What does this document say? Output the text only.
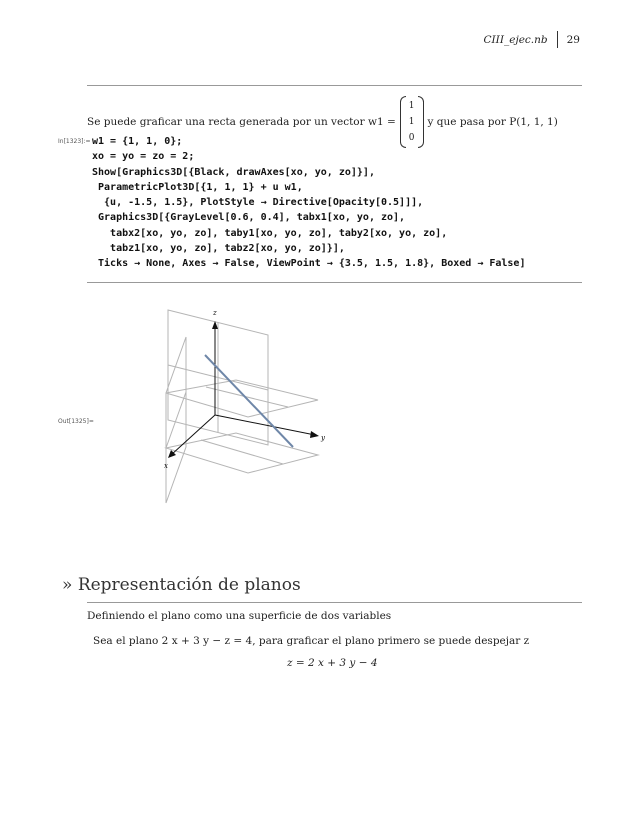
CIII_ejec.nb 29
Se puede graficar una recta generada por un vector w1 =
1
1
0
y que pasa por P(1, 1, 1)
In[1323]:= w1 = {1, 1, 0};
xo = yo = zo = 2;
Show[Graphics3D[{Black, drawAxes[xo, yo, zo]}],
ParametricPlot3D[{1, 1, 1} + u w1,
{u, -1.5, 1.5}, PlotStyle → Directive[Opacity[0.5]]],
Graphics3D[{GrayLevel[0.6, 0.4], tabx1[xo, yo, zo],
tabx2[xo, yo, zo], taby1[xo, yo, zo], taby2[xo, yo, zo],
tabz1[xo, yo, zo], tabz2[xo, yo, zo]}],
Ticks → None, Axes → False, ViewPoint → {3.5, 1.5, 1.8}, Boxed → False]
Out[1325]=
z
y
x
» Representación de planos
Definiendo el plano como una superficie de dos variables
Sea el plano 2 x + 3 y − z = 4, para graficar el plano primero se puede despejar z
z = 2 x + 3 y − 4
